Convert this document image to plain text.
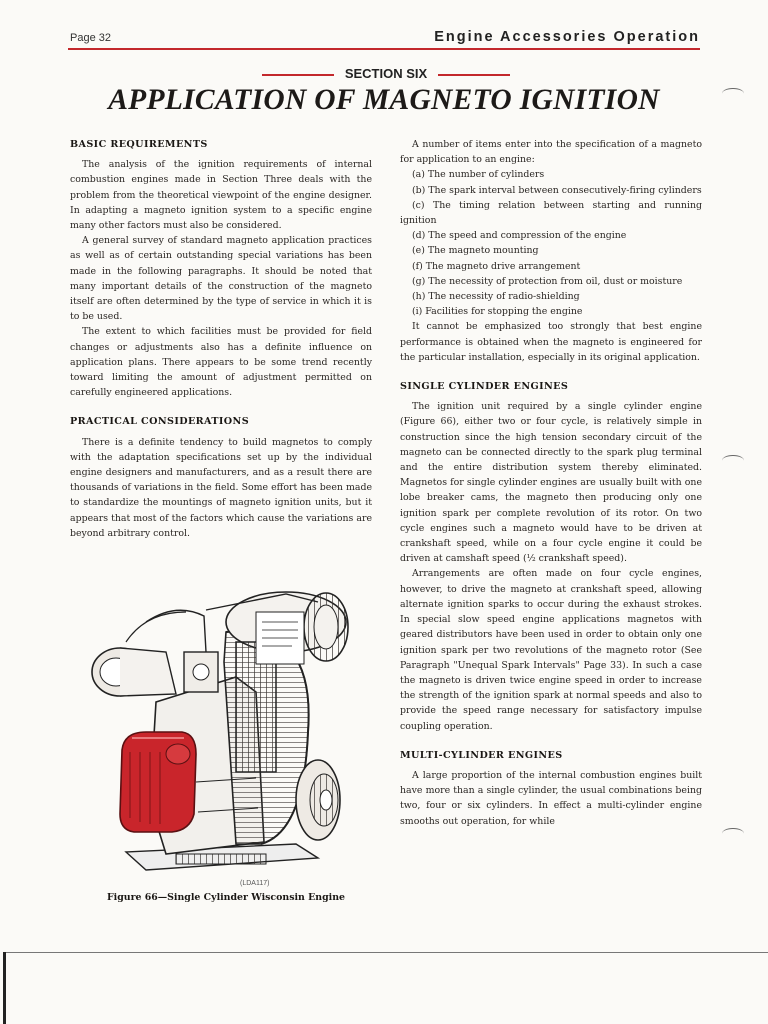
Page 32	Engine Accessories Operation
SECTION SIX
APPLICATION OF MAGNETO IGNITION
BASIC REQUIREMENTS

The analysis of the ignition requirements of internal combustion engines made in Section Three deals with the problem from the theoretical viewpoint of the engine designer. In adapting a magneto ignition system to a specific engine many other factors must also be considered.

A general survey of standard magneto application practices as well as of certain outstanding special variations has been made in the following paragraphs. It should be noted that many important details of the construction of the magneto itself are often determined by the type of service in which it is to be used.

The extent to which facilities must be provided for field changes or adjustments also has a definite influence on application plans. There appears to be some trend recently toward limiting the amount of adjustment permitted on carefully engineered applications.

PRACTICAL CONSIDERATIONS

There is a definite tendency to build magnetos to comply with the adaptation specifications set up by the individual engine designers and manufacturers, and as a result there are thousands of variations in the field. Some effort has been made to standardize the mountings of magneto ignition units, but it appears that most of the factors which cause the variations are beyond arbitrary control.

(LDA117)
Figure 66—Single Cylinder Wisconsin Engine

A number of items enter into the specification of a magneto for application to an engine:

(a) The number of cylinders

(b) The spark interval between consecutively-firing cylinders

(c) The timing relation between starting and running ignition

(d) The speed and compression of the engine

(e) The magneto mounting

(f) The magneto drive arrangement

(g) The necessity of protection from oil, dust or moisture

(h) The necessity of radio-shielding

(i) Facilities for stopping the engine

It cannot be emphasized too strongly that best engine performance is obtained when the magneto is engineered for the particular installation, especially in its original application.

SINGLE CYLINDER ENGINES

The ignition unit required by a single cylinder engine (Figure 66), either two or four cycle, is relatively simple in construction since the high tension secondary circuit of the magneto can be connected directly to the spark plug terminal and the entire distribution system thereby eliminated. Magnetos for single cylinder engines are usually built with one lobe breaker cams, the magneto then producing only one ignition spark per complete revolution of its rotor. On two cycle engines such a magneto would have to be driven at crankshaft speed, while on a four cycle engine it could be driven at camshaft speed (½ crankshaft speed).

Arrangements are often made on four cycle engines, however, to drive the magneto at crankshaft speed, allowing alternate ignition sparks to occur during the exhaust strokes. In special slow speed engine applications magnetos with geared distributors have been used in order to obtain only one ignition spark per two revolutions of the magneto rotor (See Paragraph "Unequal Spark Intervals" Page 33). In such a case the magneto is driven twice engine speed in order to increase the strength of the ignition spark at normal speeds and also to provide the speed range necessary for satisfactory impulse coupling operation.

MULTI-CYLINDER ENGINES

A large proportion of the internal combustion engines built have more than a single cylinder, the usual combinations being two, four or six cylinders. In effect a multi-cylinder engine smooths out operation, for while
